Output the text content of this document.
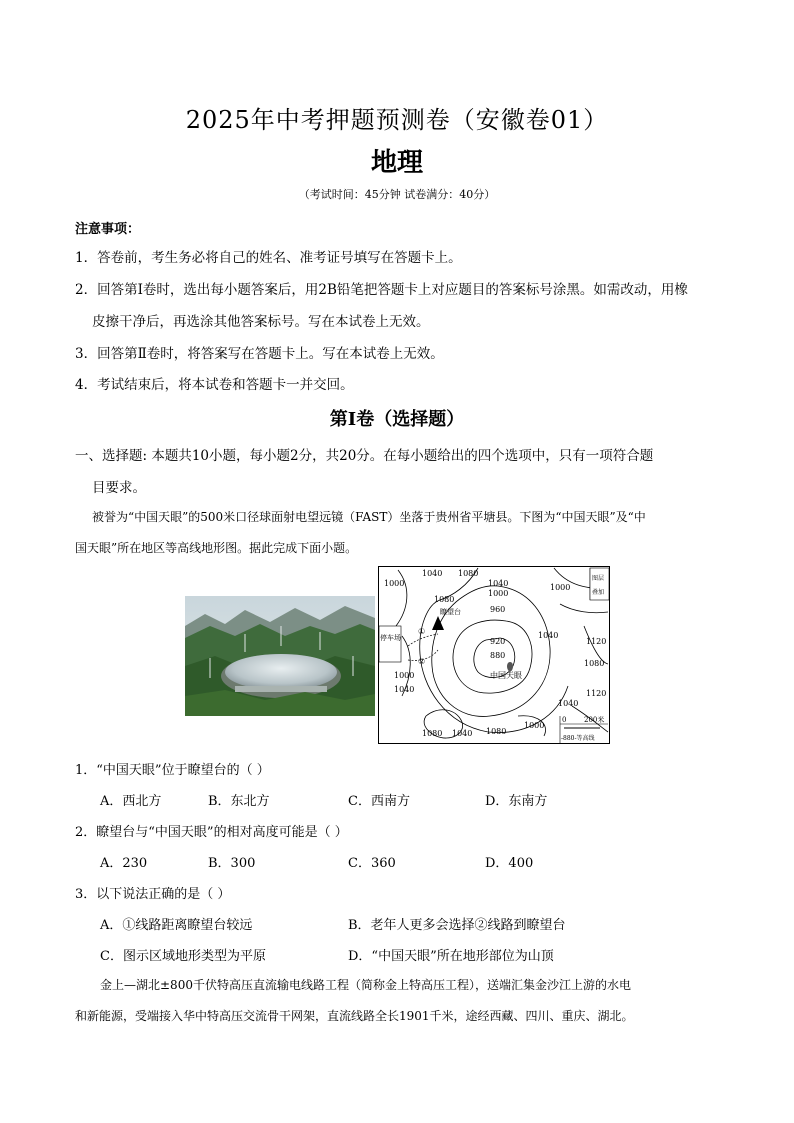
2025年中考押题预测卷（安徽卷01）
地理
（考试时间：45分钟 试卷满分：40分）
注意事项：
1．答卷前，考生务必将自己的姓名、准考证号填写在答题卡上。
2．回答第Ⅰ卷时，选出每小题答案后，用2B铅笔把答题卡上对应题目的答案标号涂黑。如需改动，用橡
皮擦干净后，再选涂其他答案标号。写在本试卷上无效。
3．回答第Ⅱ卷时，将答案写在答题卡上。写在本试卷上无效。
4．考试结束后，将本试卷和答题卡一并交回。
第Ⅰ卷（选择题）
一、选择题: 本题共10小题，每小题2分，共20分。在每小题给出的四个选项中，只有一项符合题
目要求。
被誉为“中国天眼”的500米口径球面射电望远镜（FAST）坐落于贵州省平塘县。下图为“中国天眼”及“中
国天眼”所在地区等高线地形图。据此完成下面小题。
1000
1040 1080
1040
1000
1000
960
1080
瞭望台
停车场
①
②
920
880
中国天眼
1040
1000
1040
1120
1080
1120
1080 1040 1080
1000
1040
图层
叠加
0	200米
-880-等高线
1．“中国天眼”位于瞭望台的（ ）
A．西北方	B．东北方	C．西南方	D．东南方
2．瞭望台与“中国天眼”的相对高度可能是（ ）
A．230	B．300	C．360	D．400
3．以下说法正确的是（ ）
A．①线路距离瞭望台较远	B．老年人更多会选择②线路到瞭望台
C．图示区域地形类型为平原	D．“中国天眼”所在地形部位为山顶
金上—湖北±800千伏特高压直流输电线路工程（简称金上特高压工程），送端汇集金沙江上游的水电
和新能源，受端接入华中特高压交流骨干网架，直流线路全长1901千米，途经西藏、四川、重庆、湖北。
